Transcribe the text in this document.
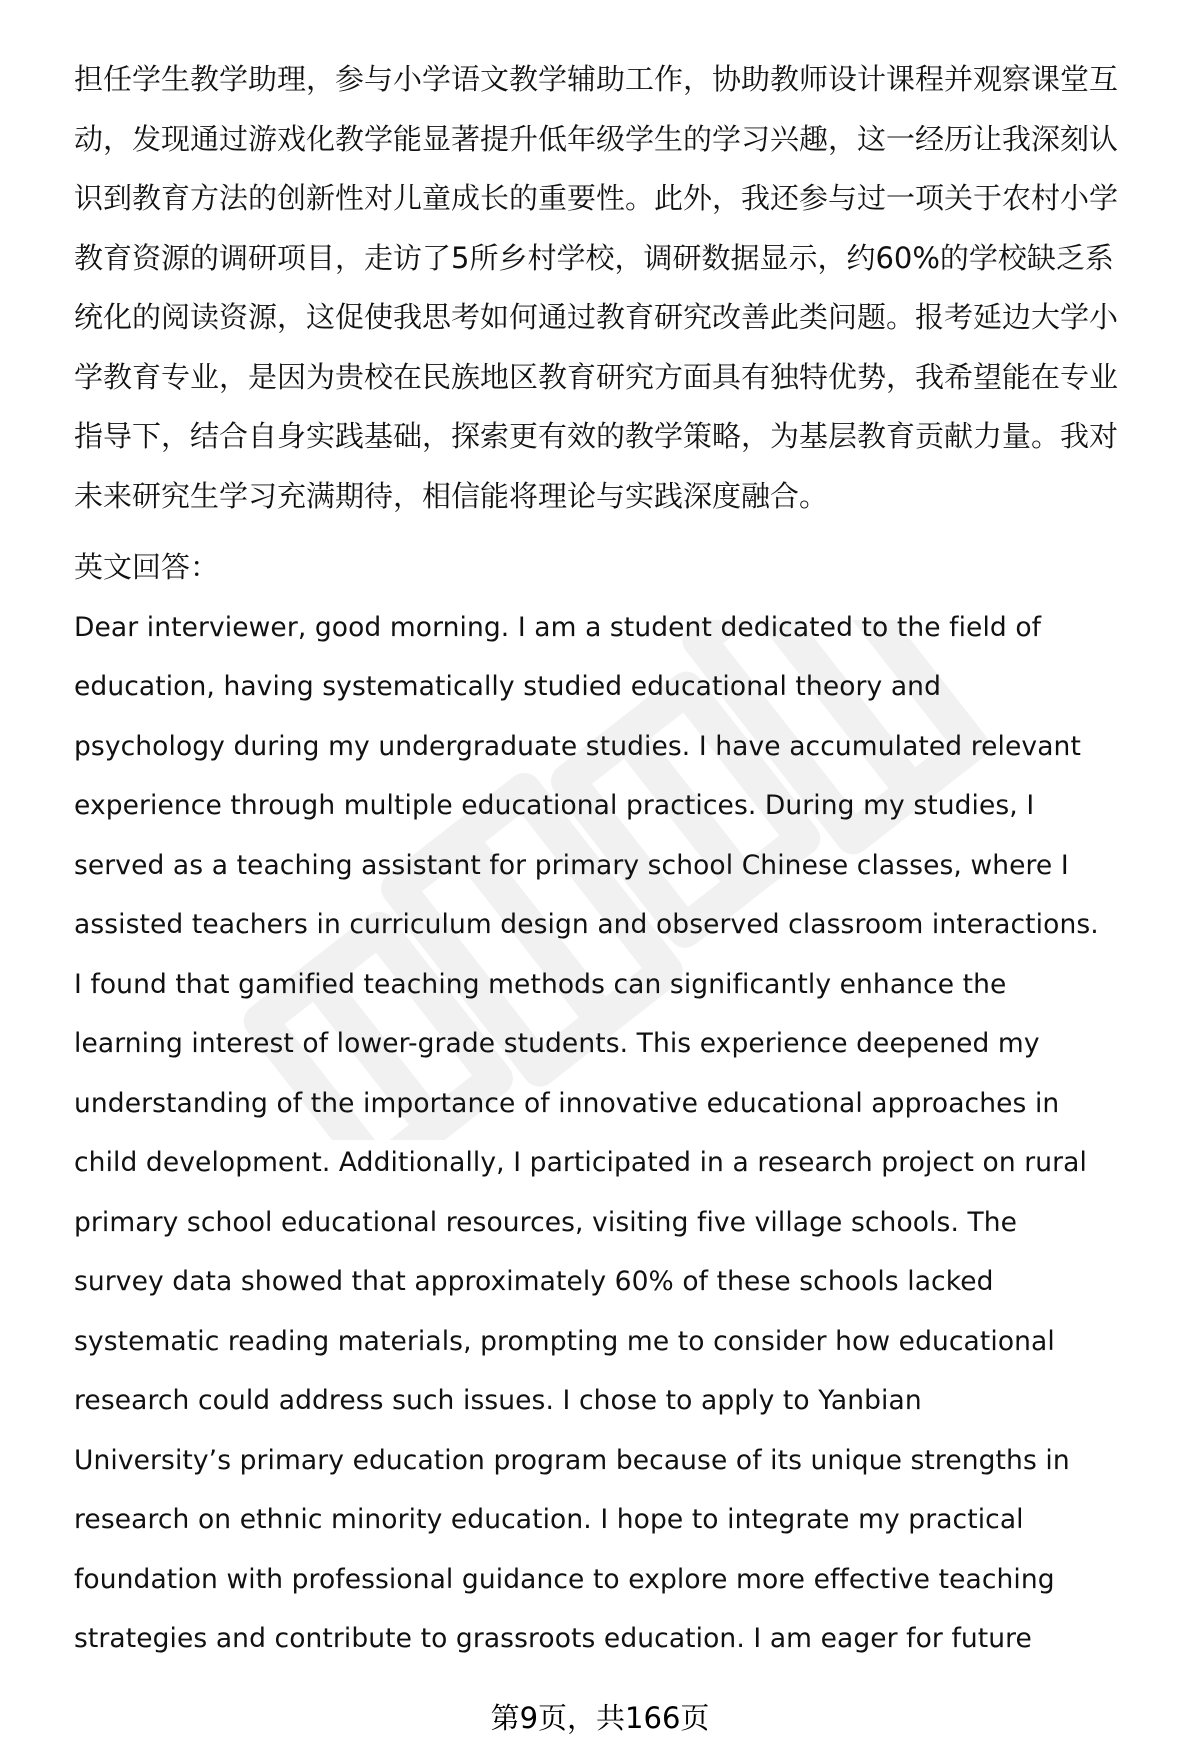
担任学生教学助理，参与小学语文教学辅助工作，协助教师设计课程并观察课堂互
动，发现通过游戏化教学能显著提升低年级学生的学习兴趣，这一经历让我深刻认
识到教育方法的创新性对儿童成长的重要性。此外，我还参与过一项关于农村小学
教育资源的调研项目，走访了5所乡村学校，调研数据显示，约60%的学校缺乏系
统化的阅读资源，这促使我思考如何通过教育研究改善此类问题。报考延边大学小
学教育专业，是因为贵校在民族地区教育研究方面具有独特优势，我希望能在专业
指导下，结合自身实践基础，探索更有效的教学策略，为基层教育贡献力量。我对
未来研究生学习充满期待，相信能将理论与实践深度融合。
英文回答：
Dear interviewer, good morning. I am a student dedicated to the field of
education, having systematically studied educational theory and
psychology during my undergraduate studies. I have accumulated relevant
experience through multiple educational practices. During my studies, I
served as a teaching assistant for primary school Chinese classes, where I
assisted teachers in curriculum design and observed classroom interactions.
I found that gamified teaching methods can significantly enhance the
learning interest of lower-grade students. This experience deepened my
understanding of the importance of innovative educational approaches in
child development. Additionally, I participated in a research project on rural
primary school educational resources, visiting five village schools. The
survey data showed that approximately 60% of these schools lacked
systematic reading materials, prompting me to consider how educational
research could address such issues. I chose to apply to Yanbian
University’s primary education program because of its unique strengths in
research on ethnic minority education. I hope to integrate my practical
foundation with professional guidance to explore more effective teaching
strategies and contribute to grassroots education. I am eager for future
第9页，共166页
